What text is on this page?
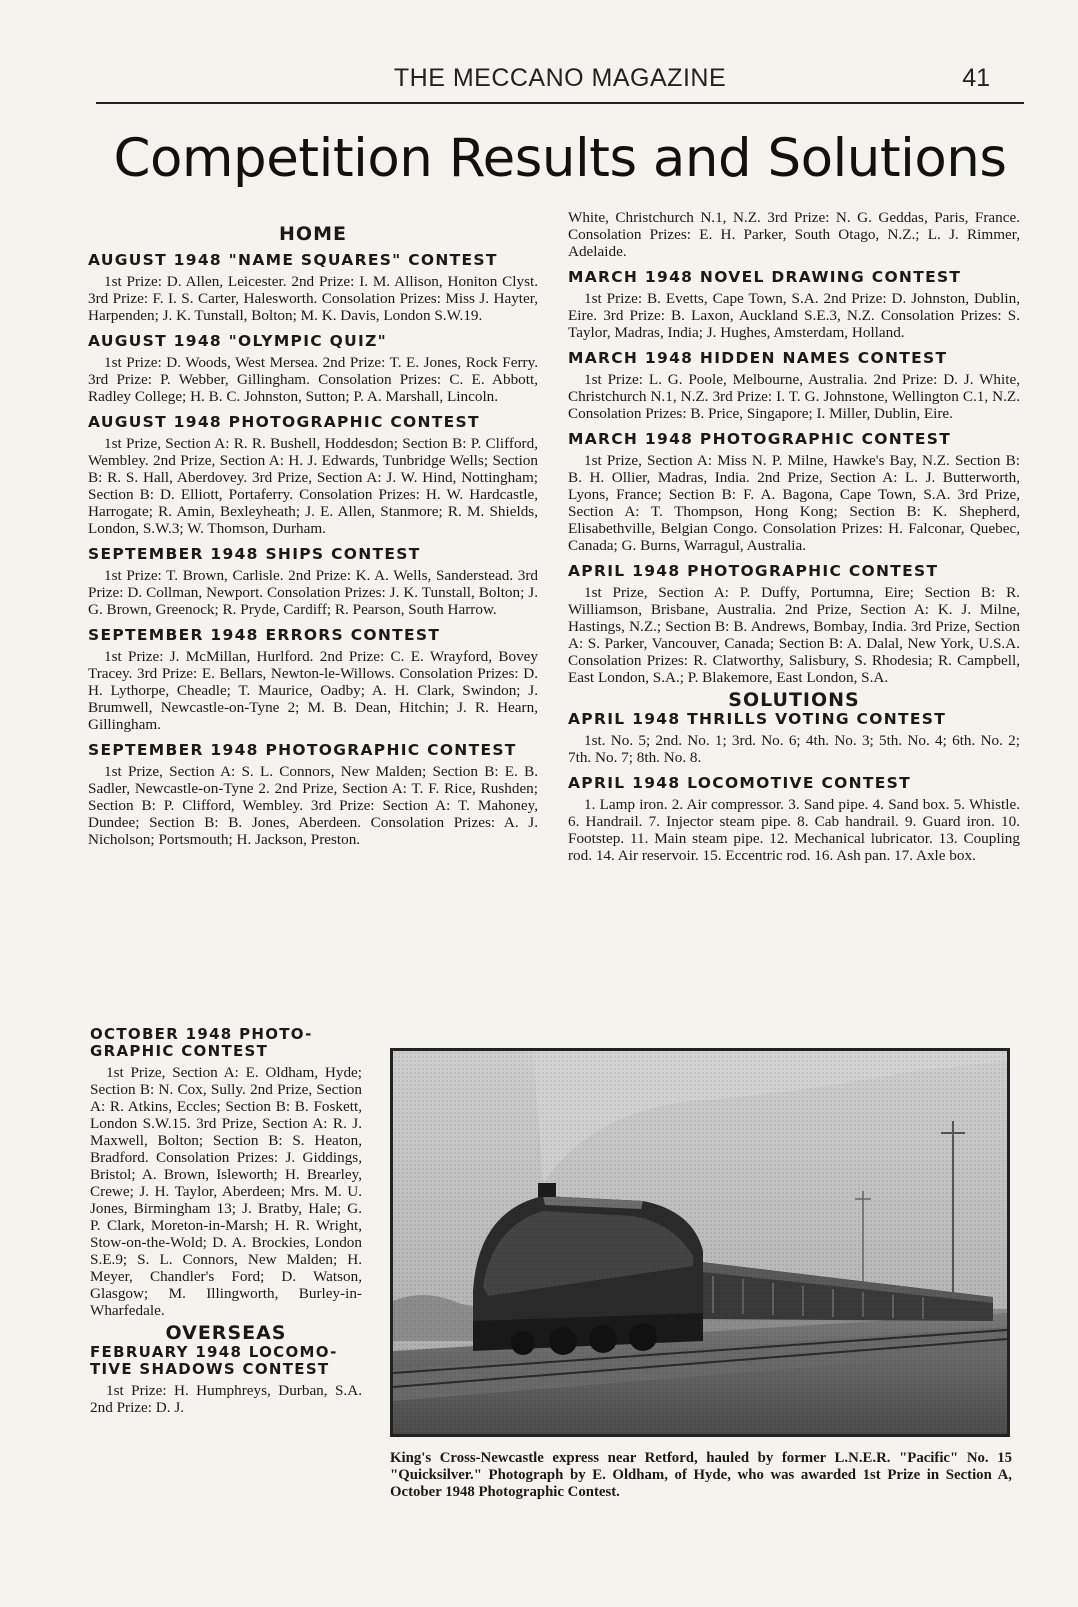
THE MECCANO MAGAZINE	41
Competition Results and Solutions
HOME
AUGUST 1948 "NAME SQUARES" CONTEST

1st Prize: D. Allen, Leicester. 2nd Prize: I. M. Allison, Honiton Clyst. 3rd Prize: F. I. S. Carter, Halesworth. Consolation Prizes: Miss J. Hayter, Harpenden; J. K. Tunstall, Bolton; M. K. Davis, London S.W.19.

AUGUST 1948 "OLYMPIC QUIZ"

1st Prize: D. Woods, West Mersea. 2nd Prize: T. E. Jones, Rock Ferry. 3rd Prize: P. Webber, Gillingham. Consolation Prizes: C. E. Abbott, Radley College; H. B. C. Johnston, Sutton; P. A. Marshall, Lincoln.

AUGUST 1948 PHOTOGRAPHIC CONTEST

1st Prize, Section A: R. R. Bushell, Hoddesdon; Section B: P. Clifford, Wembley. 2nd Prize, Section A: H. J. Edwards, Tunbridge Wells; Section B: R. S. Hall, Aberdovey. 3rd Prize, Section A: J. W. Hind, Nottingham; Section B: D. Elliott, Portaferry. Consolation Prizes: H. W. Hardcastle, Harrogate; R. Amin, Bexleyheath; J. E. Allen, Stanmore; R. M. Shields, London, S.W.3; W. Thomson, Durham.

SEPTEMBER 1948 SHIPS CONTEST

1st Prize: T. Brown, Carlisle. 2nd Prize: K. A. Wells, Sanderstead. 3rd Prize: D. Collman, Newport. Consolation Prizes: J. K. Tunstall, Bolton; J. G. Brown, Greenock; R. Pryde, Cardiff; R. Pearson, South Harrow.

SEPTEMBER 1948 ERRORS CONTEST

1st Prize: J. McMillan, Hurlford. 2nd Prize: C. E. Wrayford, Bovey Tracey. 3rd Prize: E. Bellars, Newton-le-Willows. Consolation Prizes: D. H. Lythorpe, Cheadle; T. Maurice, Oadby; A. H. Clark, Swindon; J. Brumwell, Newcastle-on-Tyne 2; M. B. Dean, Hitchin; J. R. Hearn, Gillingham.

SEPTEMBER 1948 PHOTOGRAPHIC CONTEST

1st Prize, Section A: S. L. Connors, New Malden; Section B: E. B. Sadler, Newcastle-on-Tyne 2. 2nd Prize, Section A: T. F. Rice, Rushden; Section B: P. Clifford, Wembley. 3rd Prize: Section A: T. Mahoney, Dundee; Section B: B. Jones, Aberdeen. Consolation Prizes: A. J. Nicholson; Portsmouth; H. Jackson, Preston.

OCTOBER 1948 PHOTO-GRAPHIC CONTEST

1st Prize, Section A: E. Oldham, Hyde; Section B: N. Cox, Sully. 2nd Prize, Section A: R. Atkins, Eccles; Section B: B. Foskett, London S.W.15. 3rd Prize, Section A: R. J. Maxwell, Bolton; Section B: S. Heaton, Bradford. Consolation Prizes: J. Giddings, Bristol; A. Brown, Isleworth; H. Brearley, Crewe; J. H. Taylor, Aberdeen; Mrs. M. U. Jones, Birmingham 13; J. Bratby, Hale; G. P. Clark, Moreton-in-Marsh; H. R. Wright, Stow-on-the-Wold; D. A. Brockies, London S.E.9; S. L. Connors, New Malden; H. Meyer, Chandler's Ford; D. Watson, Glasgow; M. Illingworth, Burley-in-Wharfedale.

OVERSEAS
FEBRUARY 1948 LOCOMO-TIVE SHADOWS CONTEST

1st Prize: H. Humphreys, Durban, S.A. 2nd Prize: D. J.

White, Christchurch N.1, N.Z. 3rd Prize: N. G. Geddas, Paris, France. Consolation Prizes: E. H. Parker, South Otago, N.Z.; L. J. Rimmer, Adelaide.

MARCH 1948 NOVEL DRAWING CONTEST

1st Prize: B. Evetts, Cape Town, S.A. 2nd Prize: D. Johnston, Dublin, Eire. 3rd Prize: B. Laxon, Auckland S.E.3, N.Z. Consolation Prizes: S. Taylor, Madras, India; J. Hughes, Amsterdam, Holland.

MARCH 1948 HIDDEN NAMES CONTEST

1st Prize: L. G. Poole, Melbourne, Australia. 2nd Prize: D. J. White, Christchurch N.1, N.Z. 3rd Prize: I. T. G. Johnstone, Wellington C.1, N.Z. Consolation Prizes: B. Price, Singapore; I. Miller, Dublin, Eire.

MARCH 1948 PHOTOGRAPHIC CONTEST

1st Prize, Section A: Miss N. P. Milne, Hawke's Bay, N.Z. Section B: B. H. Ollier, Madras, India. 2nd Prize, Section A: L. J. Butterworth, Lyons, France; Section B: F. A. Bagona, Cape Town, S.A. 3rd Prize, Section A: T. Thompson, Hong Kong; Section B: K. Shepherd, Elisabethville, Belgian Congo. Consolation Prizes: H. Falconar, Quebec, Canada; G. Burns, Warragul, Australia.

APRIL 1948 PHOTOGRAPHIC CONTEST

1st Prize, Section A: P. Duffy, Portumna, Eire; Section B: R. Williamson, Brisbane, Australia. 2nd Prize, Section A: K. J. Milne, Hastings, N.Z.; Section B: B. Andrews, Bombay, India. 3rd Prize, Section A: S. Parker, Vancouver, Canada; Section B: A. Dalal, New York, U.S.A. Consolation Prizes: R. Clatworthy, Salisbury, S. Rhodesia; R. Campbell, East London, S.A.; P. Blakemore, East London, S.A.

SOLUTIONS
APRIL 1948 THRILLS VOTING CONTEST

1st. No. 5; 2nd. No. 1; 3rd. No. 6; 4th. No. 3; 5th. No. 4; 6th. No. 2; 7th. No. 7; 8th. No. 8.

APRIL 1948 LOCOMOTIVE CONTEST

1. Lamp iron. 2. Air compressor. 3. Sand pipe. 4. Sand box. 5. Whistle. 6. Handrail. 7. Injector steam pipe. 8. Cab handrail. 9. Guard iron. 10. Footstep. 11. Main steam pipe. 12. Mechanical lubricator. 13. Coupling rod. 14. Air reservoir. 15. Eccentric rod. 16. Ash pan. 17. Axle box.

King's Cross-Newcastle express near Retford, hauled by former L.N.E.R. "Pacific" No. 15 "Quicksilver." Photograph by E. Oldham, of Hyde, who was awarded 1st Prize in Section A, October 1948 Photographic Contest.
